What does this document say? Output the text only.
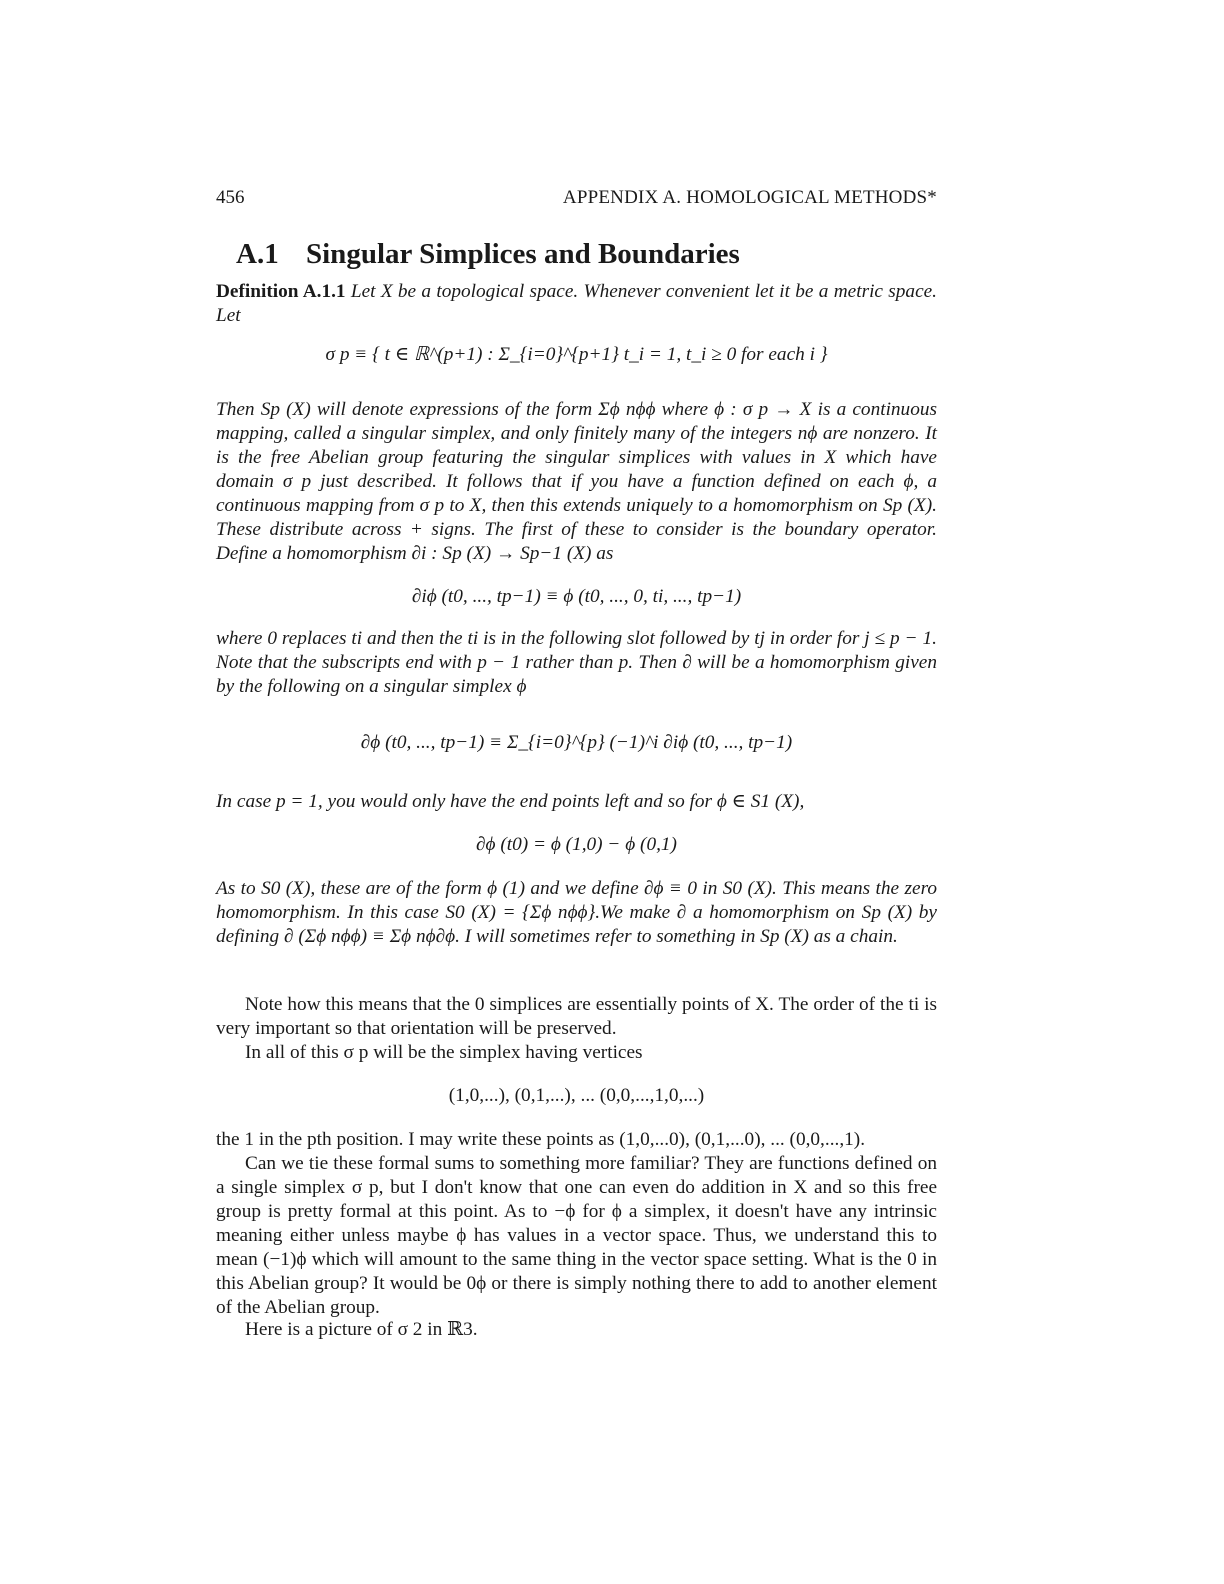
456	APPENDIX A. HOMOLOGICAL METHODS*
A.1 Singular Simplices and Boundaries
Definition A.1.1 Let X be a topological space. Whenever convenient let it be a metric space. Let
σ p ≡ { t ∈ ℝ^(p+1) : Σ_{i=0}^{p+1} t_i = 1, t_i ≥ 0 for each i }
Then Sp (X) will denote expressions of the form Σϕ nϕϕ where ϕ : σ p → X is a continuous mapping, called a singular simplex, and only finitely many of the integers nϕ are nonzero. It is the free Abelian group featuring the singular simplices with values in X which have domain σ p just described. It follows that if you have a function defined on each ϕ, a continuous mapping from σ p to X, then this extends uniquely to a homomorphism on Sp (X). These distribute across + signs. The first of these to consider is the boundary operator. Define a homomorphism ∂i : Sp (X) → Sp−1 (X) as
∂iϕ (t0, ..., tp−1) ≡ ϕ (t0, ..., 0, ti, ..., tp−1)
where 0 replaces ti and then the ti is in the following slot followed by tj in order for j ≤ p − 1. Note that the subscripts end with p − 1 rather than p. Then ∂ will be a homomorphism given by the following on a singular simplex ϕ
∂ϕ (t0, ..., tp−1) ≡ Σ_{i=0}^{p} (−1)^i ∂iϕ (t0, ..., tp−1)
In case p = 1, you would only have the end points left and so for ϕ ∈ S1 (X),
∂ϕ (t0) = ϕ (1,0) − ϕ (0,1)
As to S0 (X), these are of the form ϕ (1) and we define ∂ϕ ≡ 0 in S0 (X). This means the zero homomorphism. In this case S0 (X) = {Σϕ nϕϕ}.We make ∂ a homomorphism on Sp (X) by defining ∂ (Σϕ nϕϕ) ≡ Σϕ nϕ∂ϕ. I will sometimes refer to something in Sp (X) as a chain.
Note how this means that the 0 simplices are essentially points of X. The order of the ti is very important so that orientation will be preserved.
In all of this σ p will be the simplex having vertices
(1,0,...), (0,1,...), ... (0,0,...,1,0,...)
the 1 in the pth position. I may write these points as (1,0,...0), (0,1,...0), ... (0,0,...,1).
Can we tie these formal sums to something more familiar? They are functions defined on a single simplex σ p, but I don't know that one can even do addition in X and so this free group is pretty formal at this point. As to −ϕ for ϕ a simplex, it doesn't have any intrinsic meaning either unless maybe ϕ has values in a vector space. Thus, we understand this to mean (−1)ϕ which will amount to the same thing in the vector space setting. What is the 0 in this Abelian group? It would be 0ϕ or there is simply nothing there to add to another element of the Abelian group.
Here is a picture of σ 2 in ℝ3.
